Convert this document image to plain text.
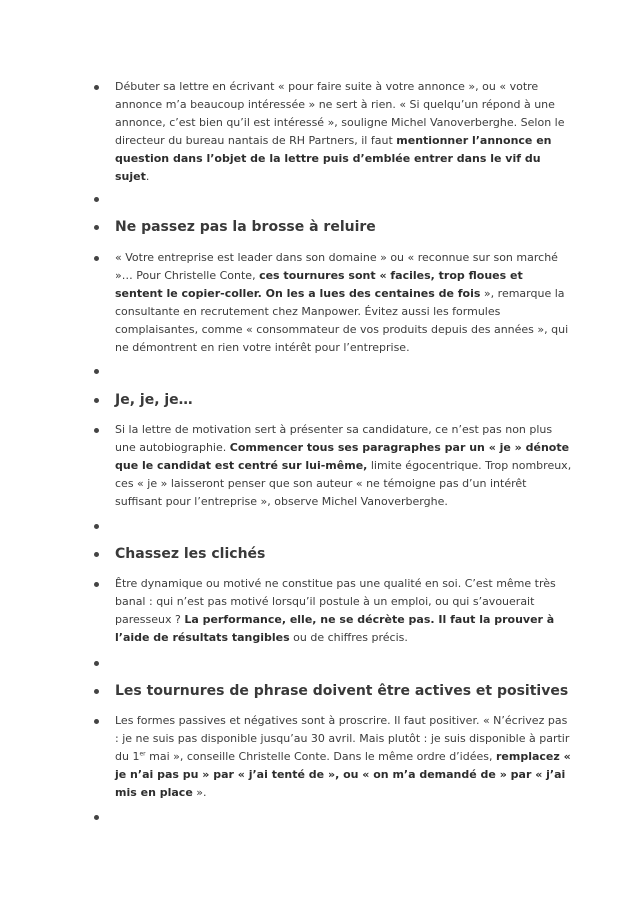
Débuter sa lettre en écrivant « pour faire suite à votre annonce », ou « votre annonce m’a beaucoup intéressée » ne sert à rien. « Si quelqu’un répond à une annonce, c’est bien qu’il est intéressé », souligne Michel Vanoverberghe. Selon le directeur du bureau nantais de RH Partners, il faut mentionner l’annonce en question dans l’objet de la lettre puis d’emblée entrer dans le vif du sujet.
Ne passez pas la brosse à reluire
« Votre entreprise est leader dans son domaine » ou « reconnue sur son marché »… Pour Christelle Conte, ces tournures sont « faciles, trop floues et sentent le copier-coller. On les a lues des centaines de fois », remarque la consultante en recrutement chez Manpower. Évitez aussi les formules complaisantes, comme « consommateur de vos produits depuis des années », qui ne démontrent en rien votre intérêt pour l’entreprise.
Je, je, je…
Si la lettre de motivation sert à présenter sa candidature, ce n’est pas non plus une autobiographie. Commencer tous ses paragraphes par un « je » dénote que le candidat est centré sur lui-même, limite égocentrique. Trop nombreux, ces « je » laisseront penser que son auteur « ne témoigne pas d’un intérêt suffisant pour l’entreprise », observe Michel Vanoverberghe.
Chassez les clichés
Être dynamique ou motivé ne constitue pas une qualité en soi. C’est même très banal : qui n’est pas motivé lorsqu’il postule à un emploi, ou qui s’avouerait paresseux ? La performance, elle, ne se décrète pas. Il faut la prouver à l’aide de résultats tangibles ou de chiffres précis.
Les tournures de phrase doivent être actives et positives
Les formes passives et négatives sont à proscrire. Il faut positiver. « N’écrivez pas : je ne suis pas disponible jusqu’au 30 avril. Mais plutôt : je suis disponible à partir du 1er mai », conseille Christelle Conte. Dans le même ordre d’idées, remplacez « je n’ai pas pu » par « j’ai tenté de », ou « on m’a demandé de » par « j’ai mis en place ».
